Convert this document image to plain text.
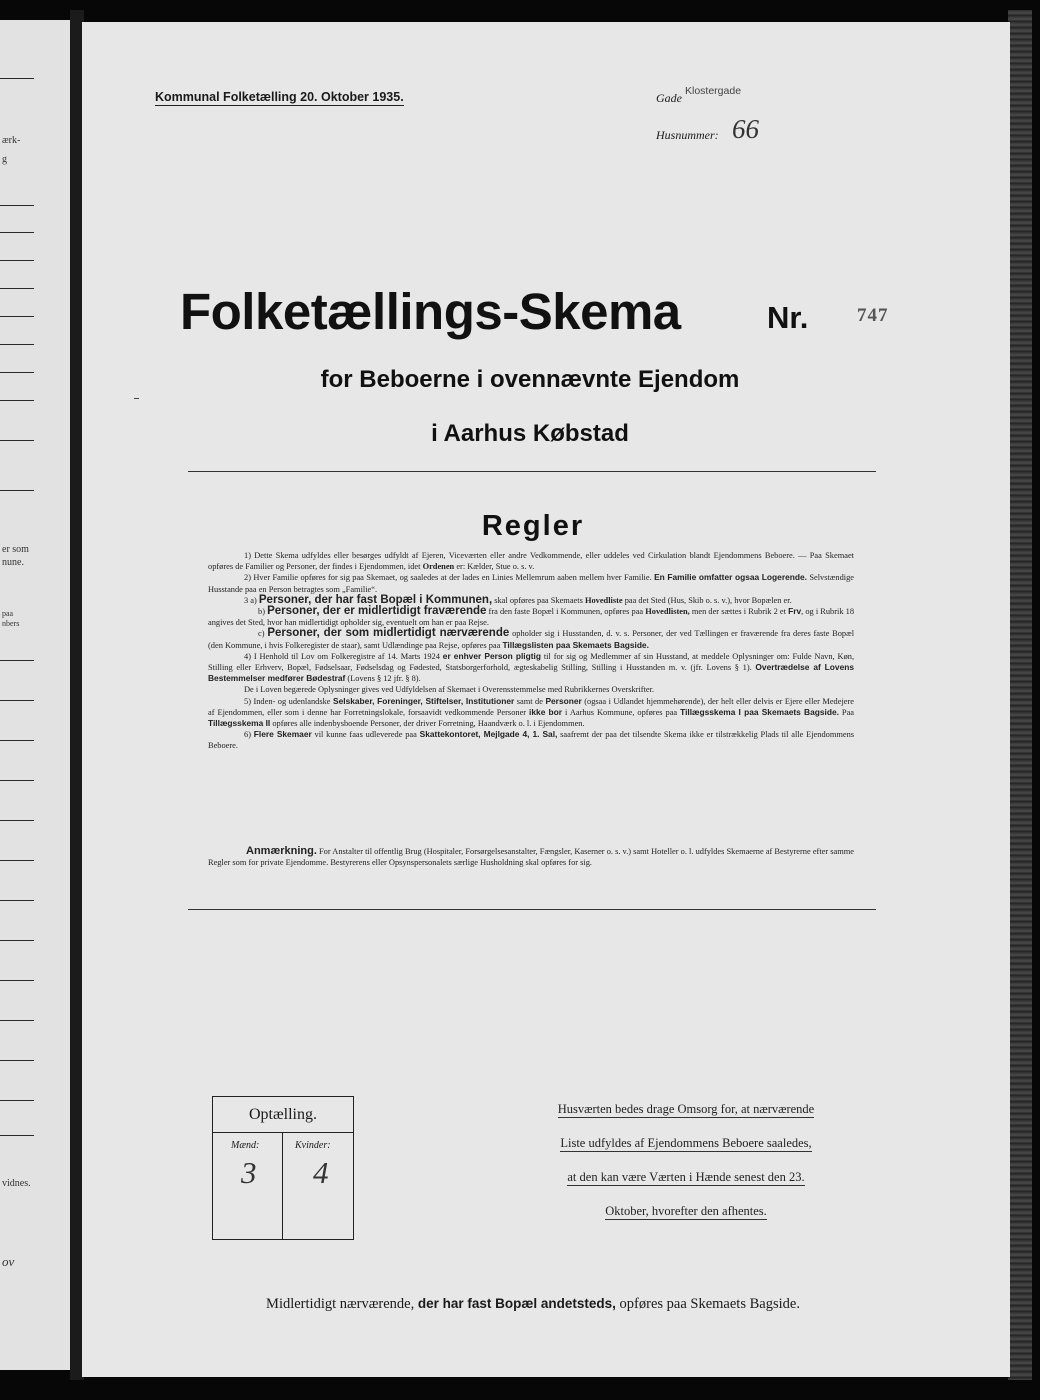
ærk-
g
er som
nune.
paa
nbers
vidnes.
ov
Kommunal Folketælling 20. Oktober 1935.	Gade Klostergade
Husnummer: 66
Folketællings-Skema	Nr.	747
for Beboerne i ovennævnte Ejendom
i Aarhus Købstad
Regler

1) Dette Skema udfyldes eller besørges udfyldt af Ejeren, Viceværten eller andre Vedkommende, eller uddeles ved Cirkulation blandt Ejendommens Beboere. — Paa Skemaet opføres de Familier og Personer, der findes i Ejendommen, idet Ordenen er: Kælder, Stue o. s. v.

2) Hver Familie opføres for sig paa Skemaet, og saaledes at der lades en Linies Mellemrum aaben mellem hver Familie. En Familie omfatter ogsaa Logerende. Selvstændige Husstande paa en Person betragtes som „Familie“.

3 a) Personer, der har fast Bopæl i Kommunen, skal opføres paa Skemaets Hovedliste paa det Sted (Hus, Skib o. s. v.), hvor Bopælen er.

b) Personer, der er midlertidigt fraværende fra den faste Bopæl i Kommunen, opføres paa Hovedlisten, men der sættes i Rubrik 2 et Frv, og i Rubrik 18 angives det Sted, hvor han midlertidigt opholder sig, eventuelt om han er paa Rejse.

c) Personer, der som midlertidigt nærværende opholder sig i Husstanden, d. v. s. Personer, der ved Tællingen er fraværende fra deres faste Bopæl (den Kommune, i hvis Folkeregister de staar), samt Udlændinge paa Rejse, opføres paa Tillægslisten paa Skemaets Bagside.

4) I Henhold til Lov om Folkeregistre af 14. Marts 1924 er enhver Person pligtig til for sig og Medlemmer af sin Husstand, at meddele Oplysninger om: Fulde Navn, Køn, Stilling eller Erhverv, Bopæl, Fødselsaar, Fødselsdag og Fødested, Statsborgerforhold, ægteskabelig Stilling, Stilling i Husstanden m. v. (jfr. Lovens § 1). Overtrædelse af Lovens Bestemmelser medfører Bødestraf (Lovens § 12 jfr. § 8).

De i Loven begærede Oplysninger gives ved Udfyldelsen af Skemaet i Overensstemmelse med Rubrikkernes Overskrifter.

5) Inden- og udenlandske Selskaber, Foreninger, Stiftelser, Institutioner samt de Personer (ogsaa i Udlandet hjemmehørende), der helt eller delvis er Ejere eller Medejere af Ejendommen, eller som i denne har Forretningslokale, forsaavidt vedkommende Personer ikke bor i Aarhus Kommune, opføres paa Tillægsskema I paa Skemaets Bagside. Paa Tillægsskema II opføres alle indenbysboende Personer, der driver Forretning, Haandværk o. l. i Ejendommen.

6) Flere Skemaer vil kunne faas udleverede paa Skattekontoret, Mejlgade 4, 1. Sal, saafremt der paa det tilsendte Skema ikke er tilstrækkelig Plads til alle Ejendommens Beboere.

Anmærkning. For Anstalter til offentlig Brug (Hospitaler, Forsørgelsesanstalter, Fængsler, Kaserner o. s. v.) samt Hoteller o. l. udfyldes Skemaerne af Bestyrerne efter samme Regler som for private Ejendomme. Bestyrerens eller Opsynspersonalets særlige Husholdning skal opføres for sig.

Optælling.
Mænd:	Kvinder:
3 4
Husværten bedes drage Omsorg for, at nærværende
Liste udfyldes af Ejendommens Beboere saaledes,
at den kan være Værten i Hænde senest den 23.
Oktober, hvorefter den afhentes.
Midlertidigt nærværende, der har fast Bopæl andetsteds, opføres paa Skemaets Bagside.
